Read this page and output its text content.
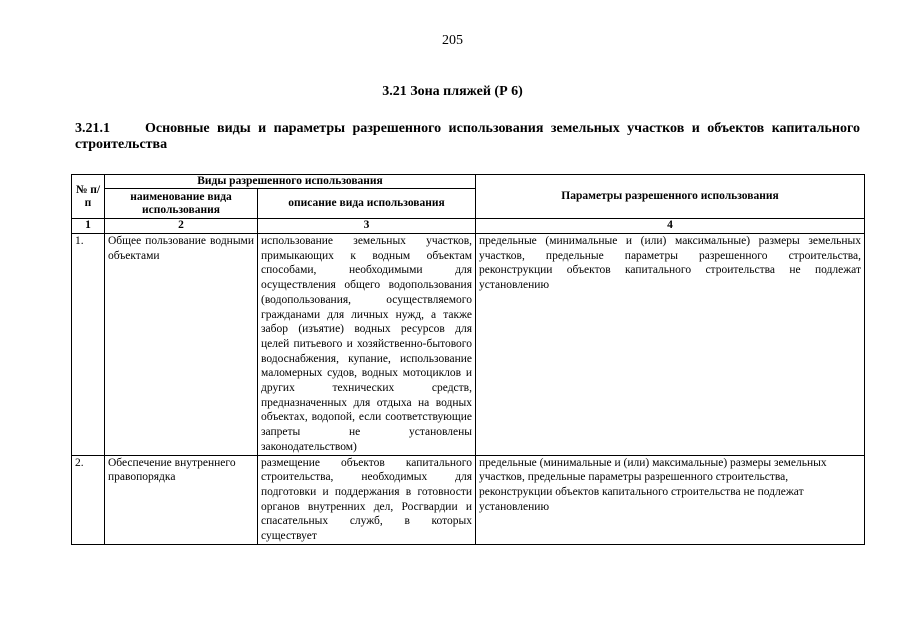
205
3.21 Зона пляжей (Р 6)
3.21.1	Основные виды и параметры разрешенного использования земельных участков и объектов капитального строительства
№ п/п	Виды разрешенного использования		Параметры разрешенного использования
	наименование вида использования	описание вида использования	
1	2	3	4
1.	Общее пользование водными объектами	использование земельных участков, примыкающих к водным объектам способами, необходимыми для осуществления общего водопользования (водопользования, осуществляемого гражданами для личных нужд, а также забор (изъятие) водных ресурсов для целей питьевого и хозяйственно-бытового водоснабжения, купание, использование маломерных судов, водных мотоциклов и других технических средств, предназначенных для отдыха на водных объектах, водопой, если соответствующие запреты не установлены законодательством)	предельные (минимальные и (или) максимальные) размеры земельных участков, предельные параметры разрешенного строительства, реконструкции объектов капитального строительства не подлежат установлению
2.	Обеспечение внутреннего правопорядка	размещение объектов капитального строительства, необходимых для подготовки и поддержания в готовности органов внутренних дел, Росгвардии и спасательных служб, в которых существует	предельные (минимальные и (или) максимальные) размеры земельных участков, предельные параметры разрешенного строительства, реконструкции объектов капитального строительства не подлежат установлению
